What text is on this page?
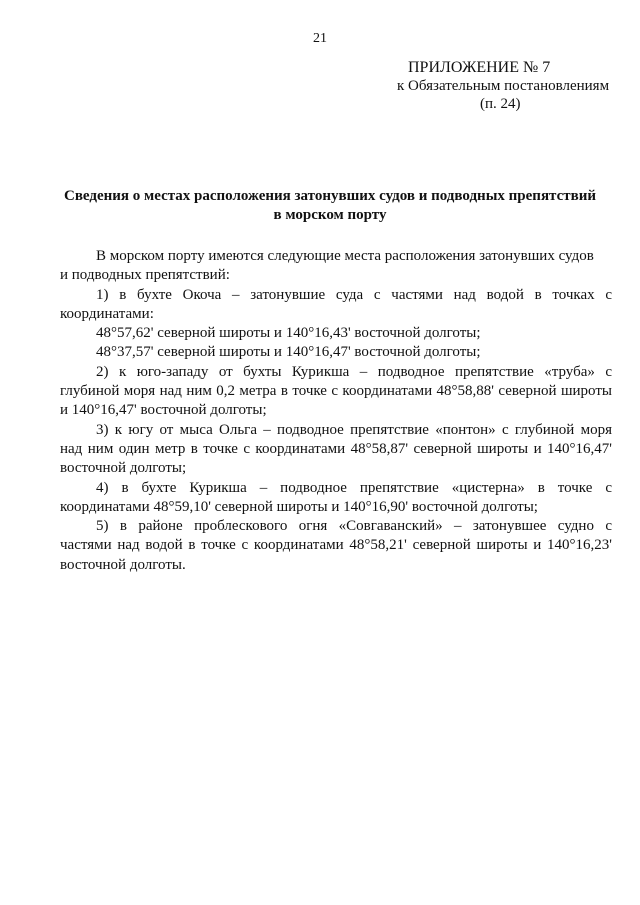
21
ПРИЛОЖЕНИЕ № 7
к Обязательным постановлениям
(п. 24)
Сведения о местах расположения затонувших судов и подводных препятствий
в морском порту
В морском порту имеются следующие места расположения затонувших судов
и подводных препятствий:
1) в бухте Окоча – затонувшие суда с частями над водой в точках с
координатами:
48°57,62' северной широты и 140°16,43' восточной долготы;
48°37,57' северной широты и 140°16,47' восточной долготы;
2) к юго-западу от бухты Курикша – подводное препятствие «труба» с
глубиной моря над ним 0,2 метра в точке с координатами 48°58,88' северной широты
и 140°16,47' восточной долготы;
3) к югу от мыса Ольга – подводное препятствие «понтон» с глубиной моря
над ним один метр в точке с координатами 48°58,87' северной широты и 140°16,47'
восточной долготы;
4) в бухте Курикша – подводное препятствие «цистерна» в точке с
координатами 48°59,10' северной широты и 140°16,90' восточной долготы;
5) в районе проблескового огня «Совгаванский» – затонувшее судно с
частями над водой в точке с координатами 48°58,21' северной широты и 140°16,23'
восточной долготы.
